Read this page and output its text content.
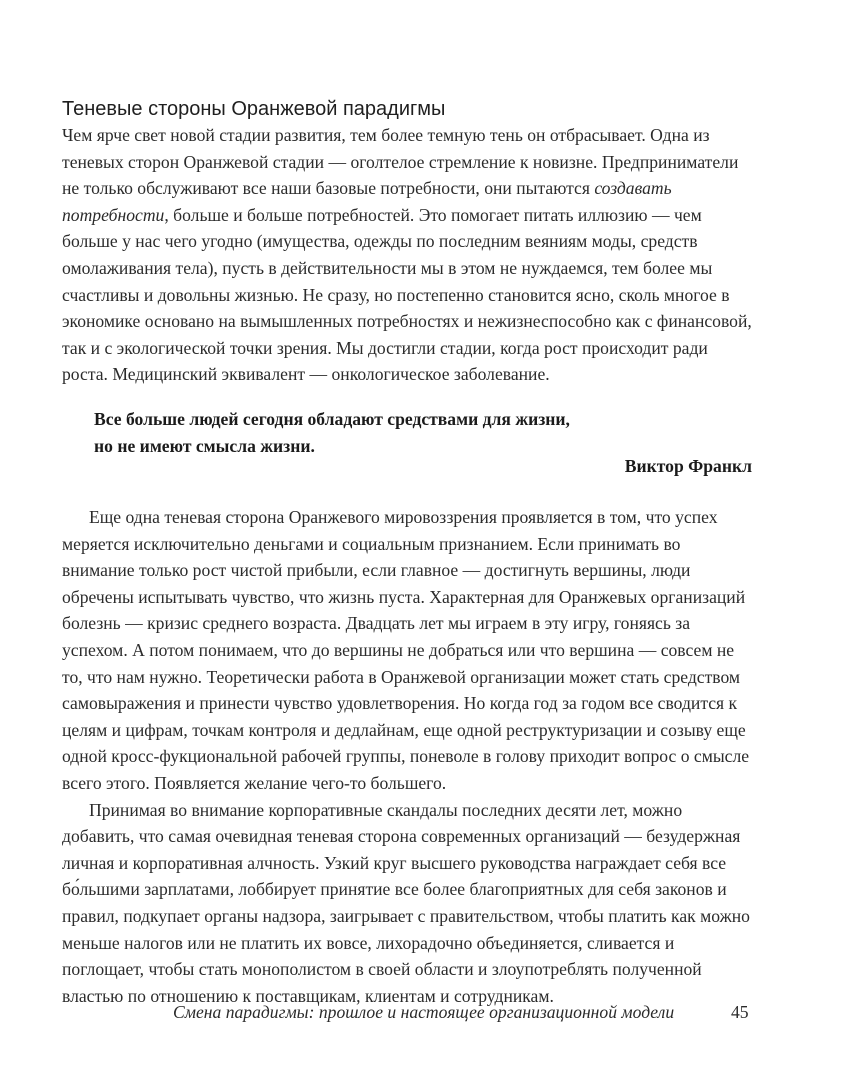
Теневые стороны Оранжевой парадигмы

Чем ярче свет новой стадии развития, тем более темную тень он отбрасывает. Одна из теневых сторон Оранжевой стадии — оголтелое стремление к новизне. Предприниматели не только обслуживают все наши базовые потребности, они пытаются создавать потребности, больше и больше потребностей. Это помогает питать иллюзию — чем больше у нас чего угодно (имущества, одежды по последним веяниям моды, средств омолаживания тела), пусть в действительности мы в этом не нуждаемся, тем более мы счастливы и довольны жизнью. Не сразу, но постепенно становится ясно, сколь многое в экономике основано на вымышленных потребностях и нежизнеспособно как с финансовой, так и с экологической точки зрения. Мы достигли стадии, когда рост происходит ради роста. Медицинский эквивалент — онкологическое заболевание.

Все больше людей сегодня обладают средствами для жизни,
но не имеют смысла жизни.
Виктор Франкл

Еще одна теневая сторона Оранжевого мировоззрения проявляется в том, что успех меряется исключительно деньгами и социальным признанием. Если принимать во внимание только рост чистой прибыли, если главное — достигнуть вершины, люди обречены испытывать чувство, что жизнь пуста. Характерная для Оранжевых организаций болезнь — кризис среднего возраста. Двадцать лет мы играем в эту игру, гоняясь за успехом. А потом понимаем, что до вершины не добраться или что вершина — совсем не то, что нам нужно. Теоретически работа в Оранжевой организации может стать средством самовыражения и принести чувство удовлетворения. Но когда год за годом все сводится к целям и цифрам, точкам контроля и дедлайнам, еще одной реструктуризации и созыву еще одной кросс-фукциональной рабочей группы, поневоле в голову приходит вопрос о смысле всего этого. Появляется желание чего-то большего.

Принимая во внимание корпоративные скандалы последних десяти лет, можно добавить, что самая очевидная теневая сторона современных организаций — безудержная личная и корпоративная алчность. Узкий круг высшего руководства награждает себя все бо́льшими зарплатами, лоббирует принятие все более благоприятных для себя законов и правил, подкупает органы надзора, заигрывает с правительством, чтобы платить как можно меньше налогов или не платить их вовсе, лихорадочно объединяется, сливается и поглощает, чтобы стать монополистом в своей области и злоупотреблять полученной властью по отношению к поставщикам, клиентам и сотрудникам.

Смена парадигмы: прошлое и настоящее организационной модели	45
